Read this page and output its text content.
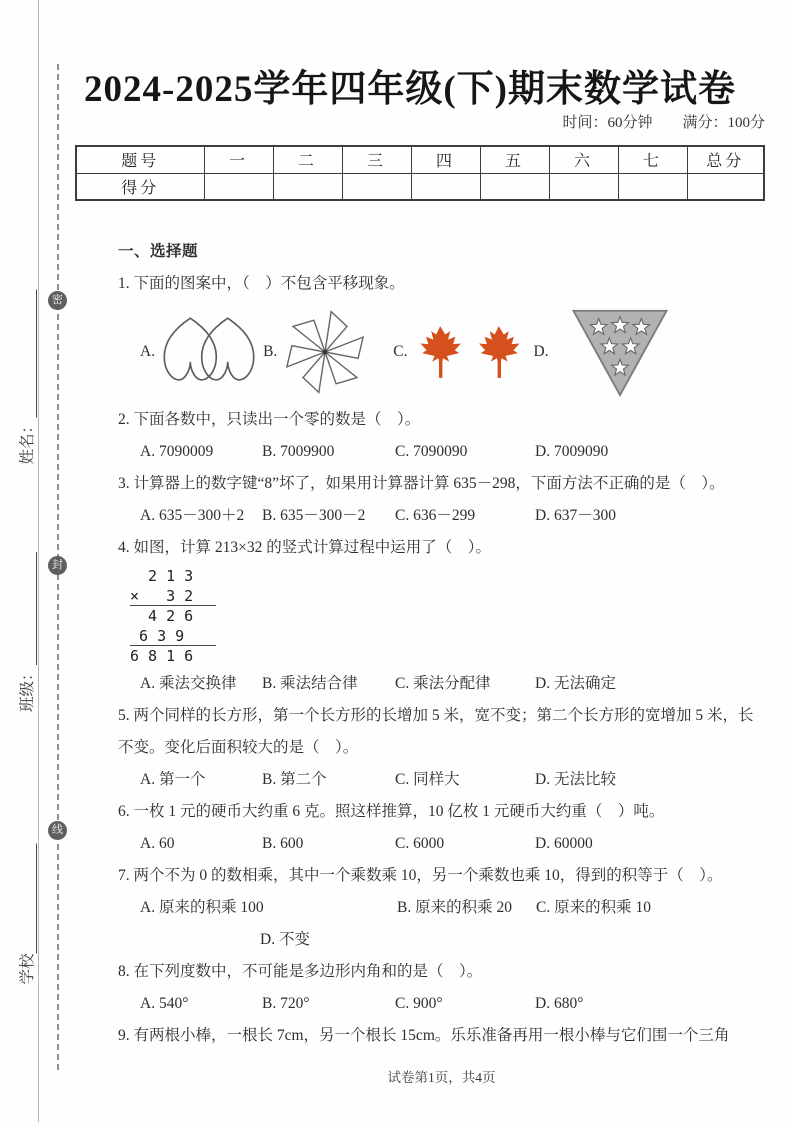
密
封
线
姓名：
班级：
学校
2024-2025学年四年级(下)期末数学试卷
时间：60分钟　　满分：100分
题号	一	二	三	四	五	六	七	总分
得分								

一、选择题

1. 下面的图案中，（　）不包含平移现象。

A.	B.	C.	D.

2. 下面各数中，只读出一个零的数是（　）。

A. 7090009	B. 7009900	C. 7090090	D. 7009090

3. 计算器上的数字键“8”坏了，如果用计算器计算 635－298，下面方法不正确的是（　）。

A. 635－300＋2	B. 635－300－2	C. 636－299	D. 637－300

4. 如图，计算 213×32 的竖式计算过程中运用了（　）。

2 1 3
×   3 2
4 2 6
6 3 9
6 8 1 6
A. 乘法交换律	B. 乘法结合律	C. 乘法分配律	D. 无法确定

5. 两个同样的长方形，第一个长方形的长增加 5 米，宽不变；第二个长方形的宽增加 5 米，长不变。变化后面积较大的是（　）。

A. 第一个	B. 第二个	C. 同样大	D. 无法比较

6. 一枚 1 元的硬币大约重 6 克。照这样推算，10 亿枚 1 元硬币大约重（　）吨。

A. 60	B. 600	C. 6000	D. 60000

7. 两个不为 0 的数相乘，其中一个乘数乘 10，另一个乘数也乘 10，得到的积等于（　）。

A. 原来的积乘 100	B. 原来的积乘 20	C. 原来的积乘 10
D. 不变

8. 在下列度数中，不可能是多边形内角和的是（　）。

A. 540°	B. 720°	C. 900°	D. 680°

9. 有两根小棒，一根长 7cm，另一个根长 15cm。乐乐准备再用一根小棒与它们围一个三角

试卷第1页，共4页
